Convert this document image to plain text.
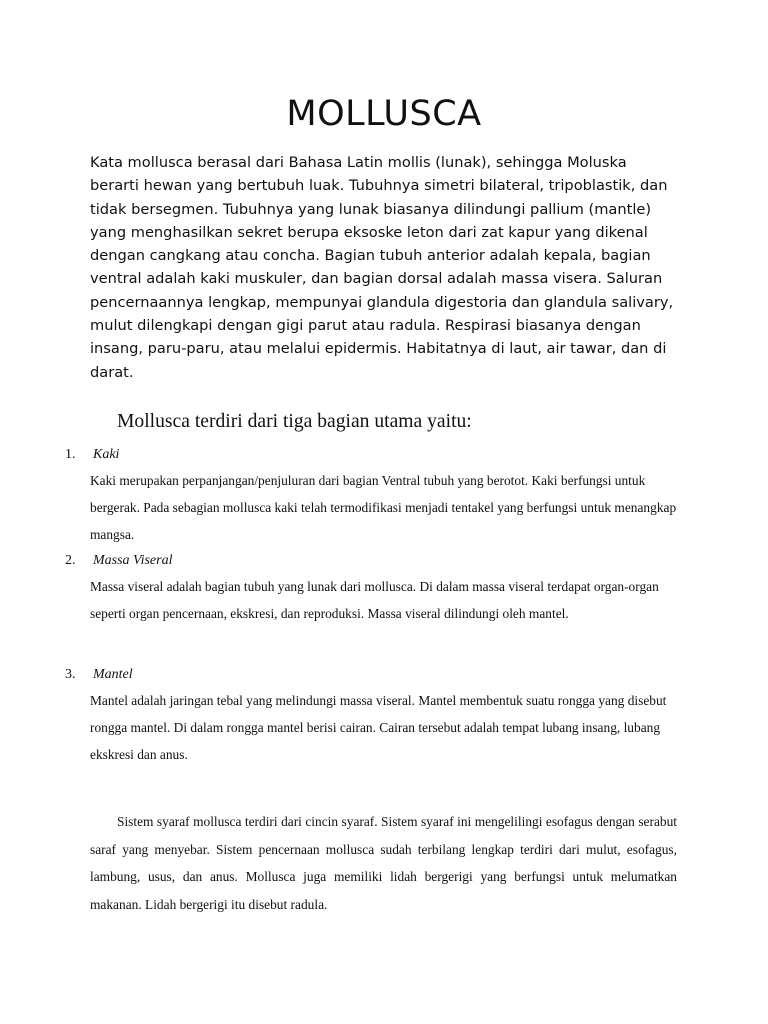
MOLLUSCA

Kata mollusca berasal dari Bahasa Latin mollis (lunak), sehingga Moluska berarti hewan yang bertubuh luak. Tubuhnya simetri bilateral, tripoblastik, dan tidak bersegmen. Tubuhnya yang lunak biasanya dilindungi pallium (mantle) yang menghasilkan sekret berupa eksoske leton dari zat kapur yang dikenal dengan cangkang atau concha. Bagian tubuh anterior adalah kepala, bagian ventral adalah kaki muskuler, dan bagian dorsal adalah massa visera. Saluran pencernaannya lengkap, mempunyai glandula digestoria dan glandula salivary, mulut dilengkapi dengan gigi parut atau radula. Respirasi biasanya dengan insang, paru-paru, atau melalui epidermis. Habitatnya di laut, air tawar, dan di darat.

Mollusca terdiri dari tiga bagian utama yaitu:
1. Kaki

Kaki merupakan perpanjangan/penjuluran dari bagian Ventral tubuh yang berotot. Kaki berfungsi untuk bergerak. Pada sebagian mollusca kaki telah termodifikasi menjadi tentakel yang berfungsi untuk menangkap mangsa.

2. Massa Viseral

Massa viseral adalah bagian tubuh yang lunak dari mollusca. Di dalam massa viseral terdapat organ-organ seperti organ pencernaan, ekskresi, dan reproduksi. Massa viseral dilindungi oleh mantel.

3. Mantel

Mantel adalah jaringan tebal yang melindungi massa viseral. Mantel membentuk suatu rongga yang disebut rongga mantel. Di dalam rongga mantel berisi cairan. Cairan tersebut adalah tempat lubang insang, lubang ekskresi dan anus.

Sistem syaraf mollusca terdiri dari cincin syaraf. Sistem syaraf ini mengelilingi esofagus dengan serabut saraf yang menyebar. Sistem pencernaan mollusca sudah terbilang lengkap terdiri dari mulut, esofagus, lambung, usus, dan anus. Mollusca juga memiliki lidah bergerigi yang berfungsi untuk melumatkan makanan. Lidah bergerigi itu disebut radula.
